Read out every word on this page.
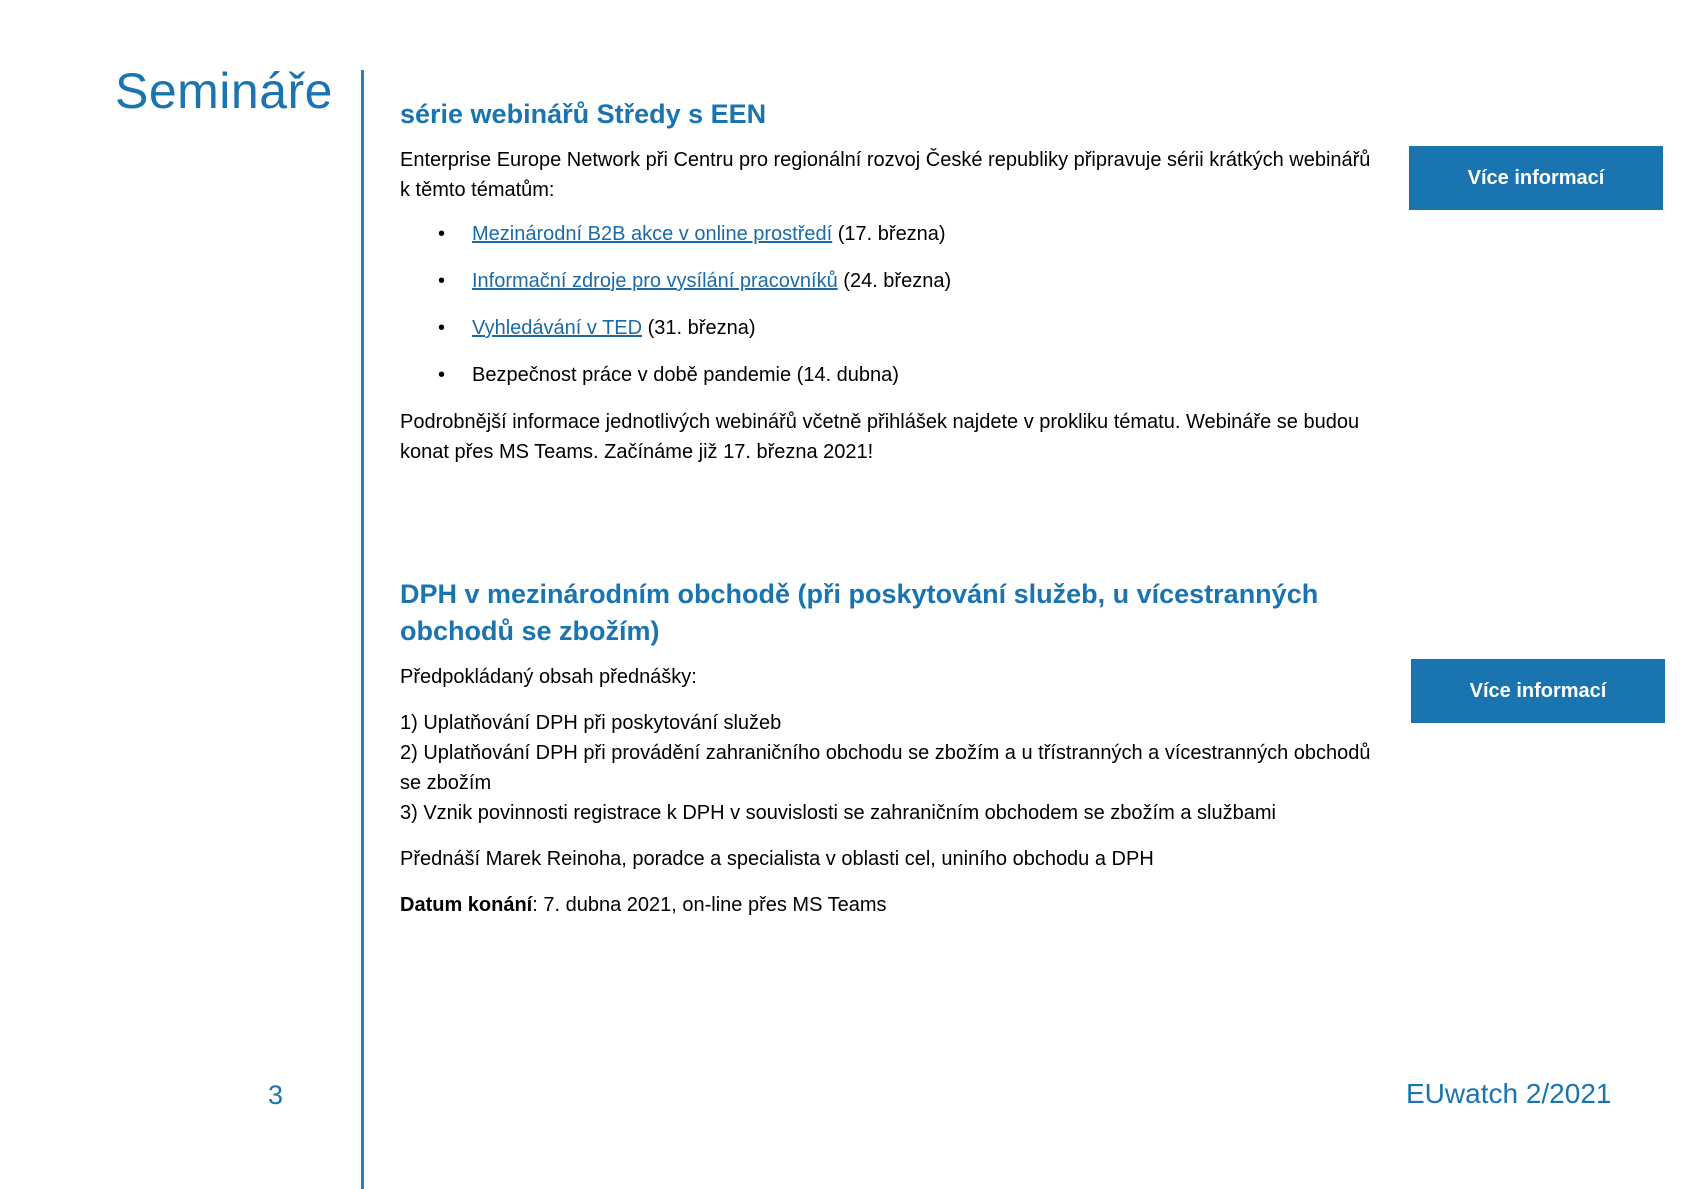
Semináře série webinářů Středy s EEN

Enterprise Europe Network při Centru pro regionální rozvoj České republiky připravuje sérii krátkých webinářů k těmto tématům:

• Mezinárodní B2B akce v online prostředí (17. března)
• Informační zdroje pro vysílání pracovníků (24. března)
• Vyhledávání v TED (31. března)
• Bezpečnost práce v době pandemie (14. dubna)

Podrobnější informace jednotlivých webinářů včetně přihlášek najdete v prokliku tématu. Webináře se budou konat přes MS Teams. Začínáme již 17. března 2021!

Více informací
DPH v mezinárodním obchodě (při poskytování služeb, u vícestranných obchodů se zbožím)

Předpokládaný obsah přednášky:

1) Uplatňování DPH při poskytování služeb

2) Uplatňování DPH při provádění zahraničního obchodu se zbožím a u třístranných a vícestranných obchodů se zbožím

3) Vznik povinnosti registrace k DPH v souvislosti se zahraničním obchodem se zbožím a službami

Přednáší Marek Reinoha, poradce a specialista v oblasti cel, uniního obchodu a DPH

Datum konání: 7. dubna 2021, on-line přes MS Teams

Více informací
3	EUwatch 2/2021
